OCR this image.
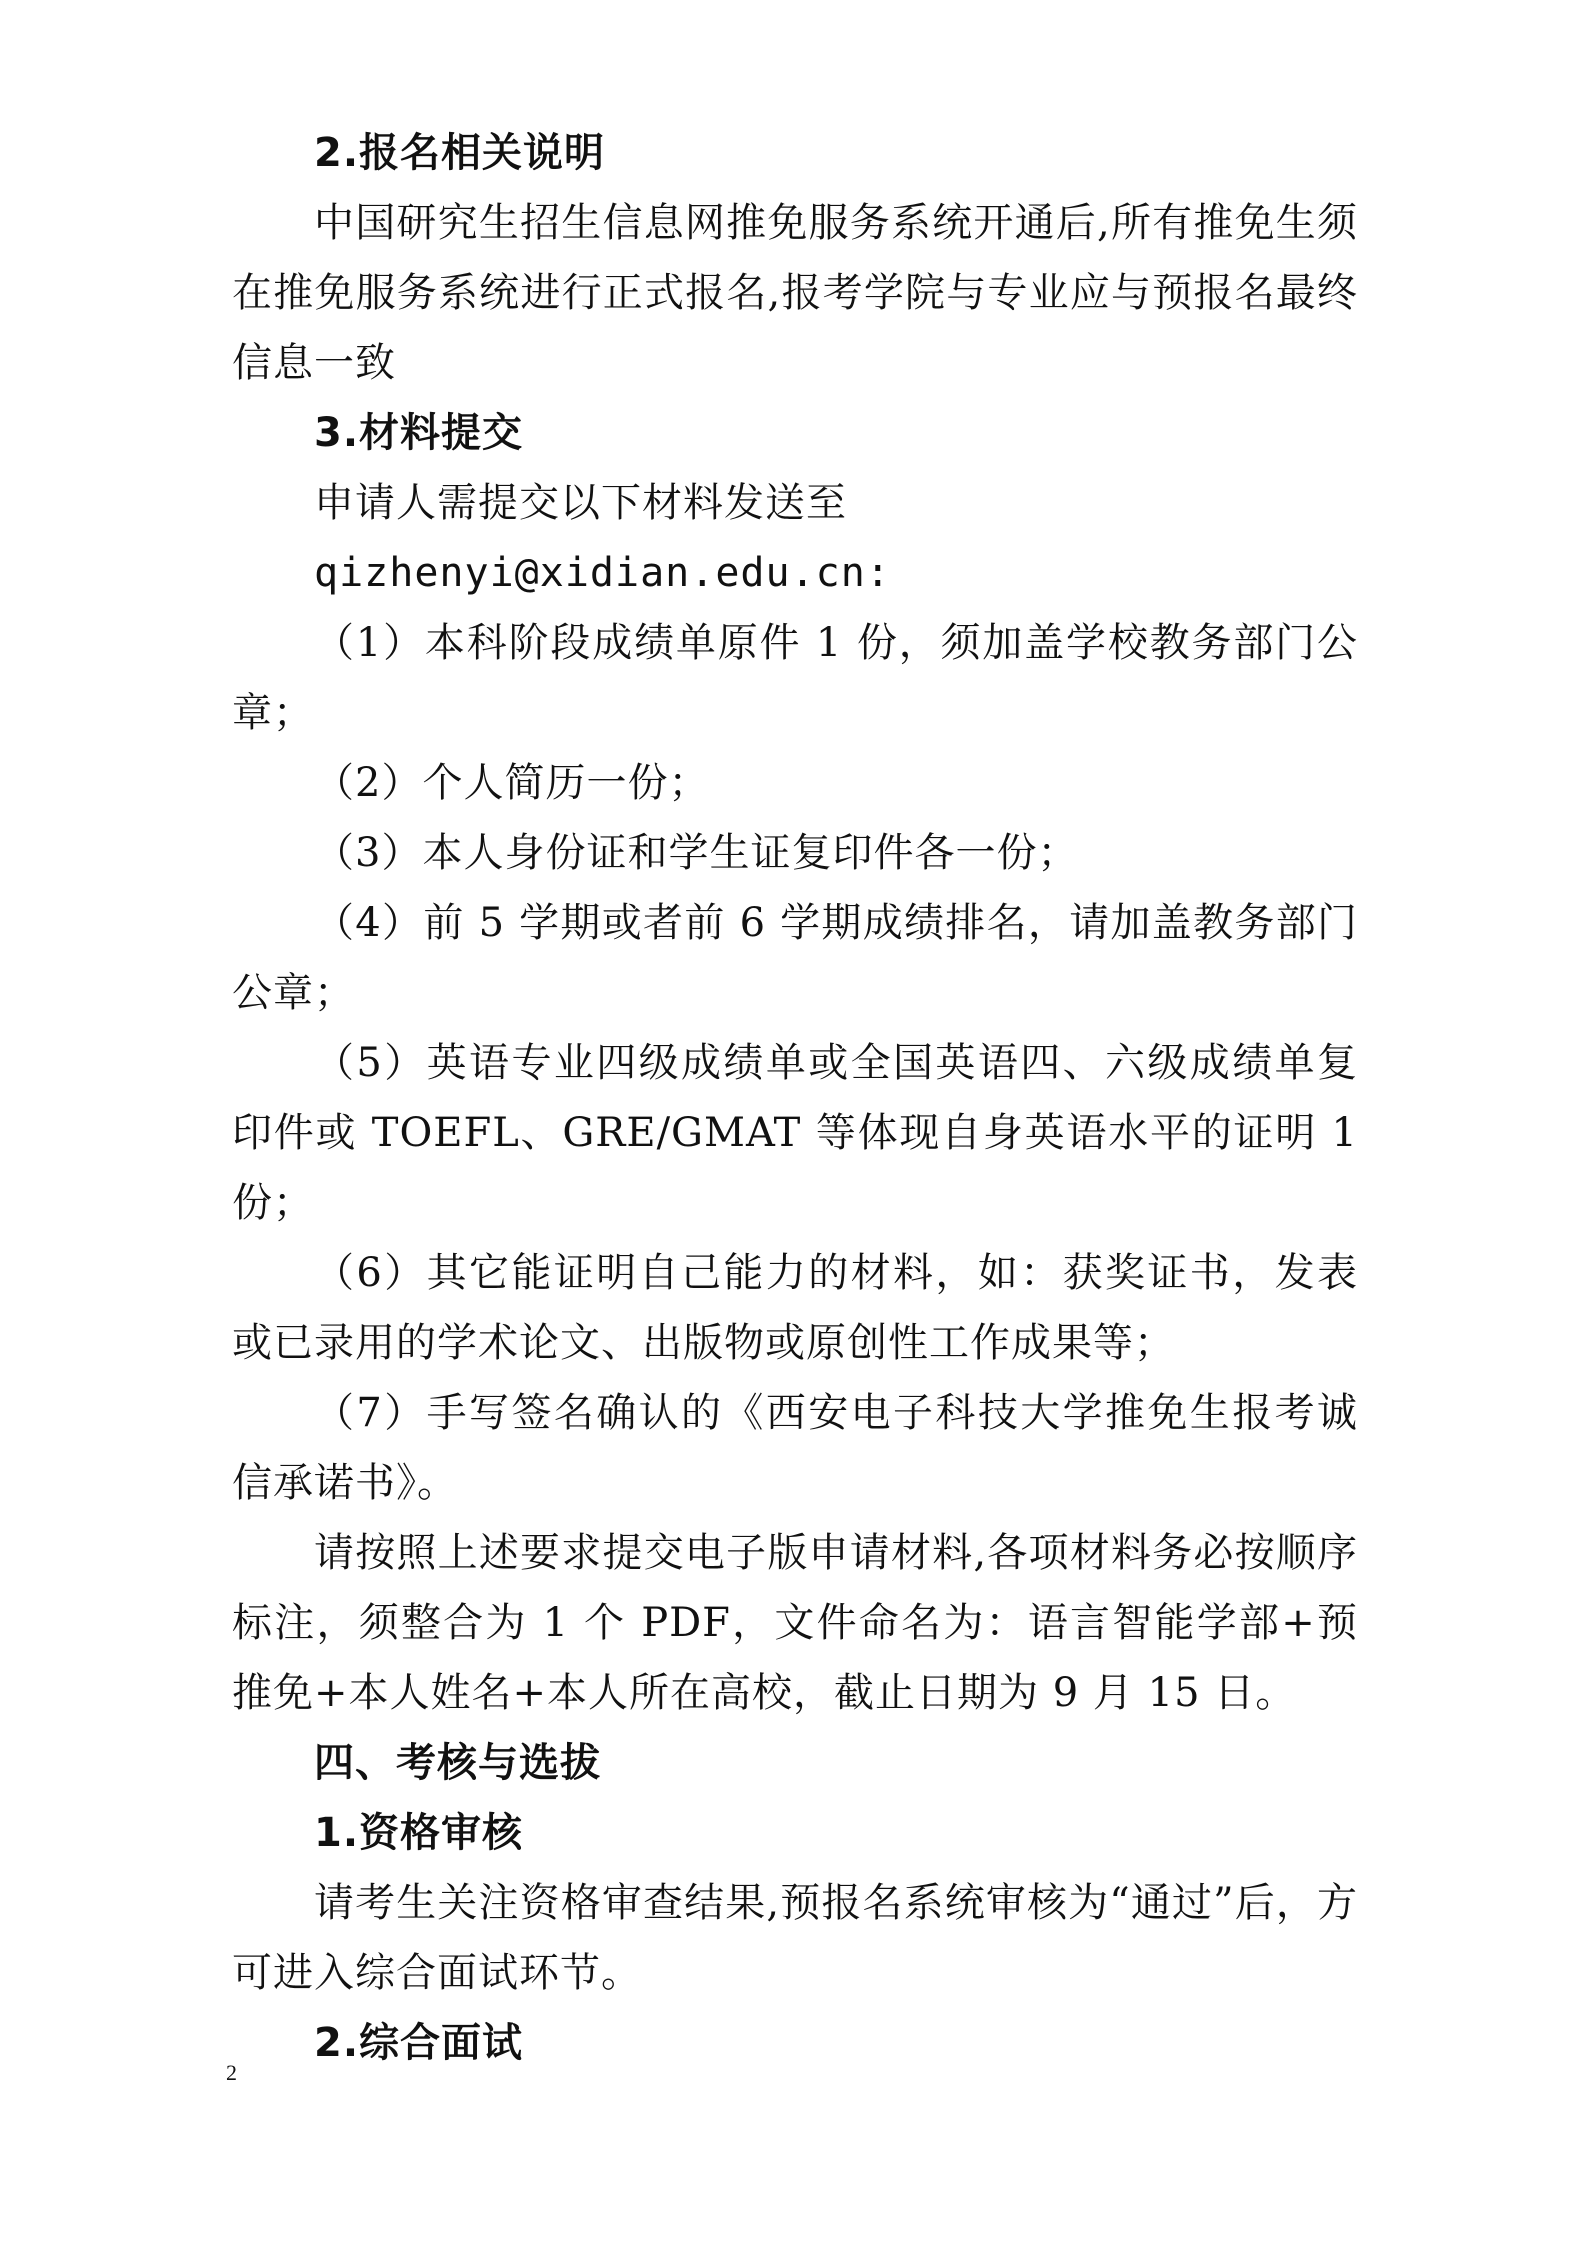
2.报名相关说明

中国研究生招生信息网推免服务系统开通后,所有推免生须在推免服务系统进行正式报名,报考学院与专业应与预报名最终信息一致

3.材料提交

申请人需提交以下材料发送至

qizhenyi@xidian.edu.cn:

（1）本科阶段成绩单原件 1 份，须加盖学校教务部门公章；

（2）个人简历一份；

（3）本人身份证和学生证复印件各一份；

（4）前 5 学期或者前 6 学期成绩排名，请加盖教务部门公章；

（5）英语专业四级成绩单或全国英语四、六级成绩单复印件或 TOEFL、GRE/GMAT 等体现自身英语水平的证明 1 份；

（6）其它能证明自己能力的材料，如：获奖证书，发表或已录用的学术论文、出版物或原创性工作成果等；

（7）手写签名确认的《西安电子科技大学推免生报考诚信承诺书》。

请按照上述要求提交电子版申请材料,各项材料务必按顺序标注，须整合为 1 个 PDF，文件命名为：语言智能学部+预推免+本人姓名+本人所在高校，截止日期为 9 月 15 日。

四、考核与选拔

1.资格审核

请考生关注资格审查结果,预报名系统审核为“通过”后，方可进入综合面试环节。

2.综合面试

2
